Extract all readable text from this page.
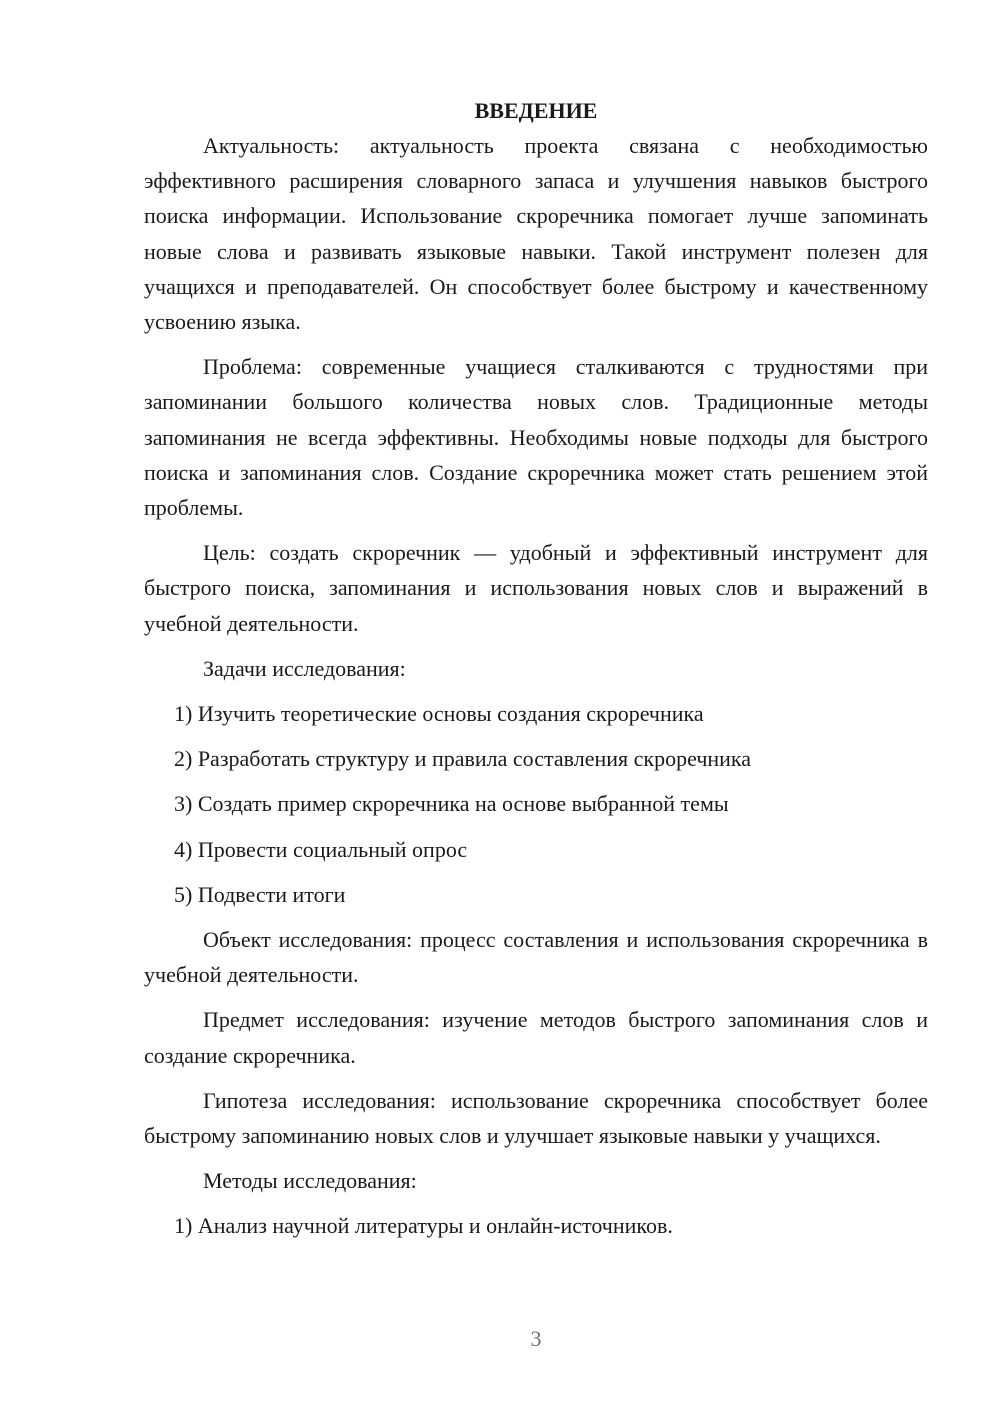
ВВЕДЕНИЕ

Актуальность: актуальность проекта связана с необходимостью эффективного расширения словарного запаса и улучшения навыков быстрого поиска информации. Использование скроречника помогает лучше запоминать новые слова и развивать языковые навыки. Такой инструмент полезен для учащихся и преподавателей. Он способствует более быстрому и качественному усвоению языка.

Проблема: современные учащиеся сталкиваются с трудностями при запоминании большого количества новых слов. Традиционные методы запоминания не всегда эффективны. Необходимы новые подходы для быстрого поиска и запоминания слов. Создание скроречника может стать решением этой проблемы.

Цель: создать скроречник — удобный и эффективный инструмент для быстрого поиска, запоминания и использования новых слов и выражений в учебной деятельности.

Задачи исследования:

1) Изучить теоретические основы создания скроречника
2) Разработать структуру и правила составления скроречника
3) Создать пример скроречника на основе выбранной темы
4) Провести социальный опрос
5) Подвести итоги

Объект исследования: процесс составления и использования скроречника в учебной деятельности.

Предмет исследования: изучение методов быстрого запоминания слов и создание скроречника.

Гипотеза исследования: использование скроречника способствует более быстрому запоминанию новых слов и улучшает языковые навыки у учащихся.

Методы исследования:

1) Анализ научной литературы и онлайн-источников.
3
